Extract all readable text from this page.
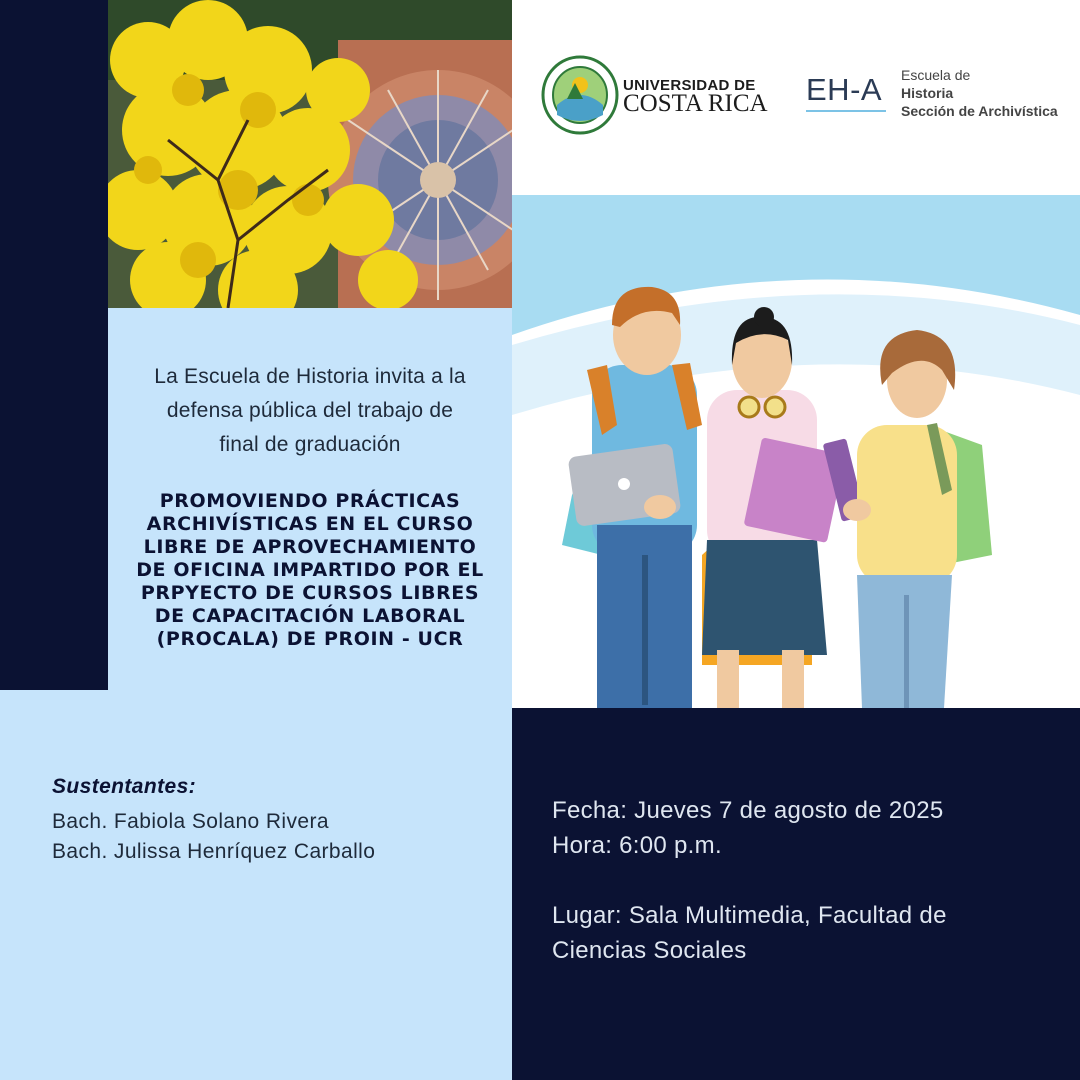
UNIVERSIDAD DE
COSTA RICA EH-A Escuela de
Historia
Sección de Archivística
La Escuela de Historia invita a la
defensa pública del trabajo de
final de graduación
PROMOVIENDO PRÁCTICAS
ARCHIVÍSTICAS EN EL CURSO
LIBRE DE APROVECHAMIENTO
DE OFICINA IMPARTIDO POR EL
PRPYECTO DE CURSOS LIBRES
DE CAPACITACIÓN LABORAL
(PROCALA) DE PROIN - UCR
Sustentantes:
Bach. Fabiola Solano Rivera
Bach. Julissa Henríquez Carballo
Fecha: Jueves 7 de agosto de 2025
Hora: 6:00 p.m.
Lugar: Sala Multimedia, Facultad de
Ciencias Sociales
